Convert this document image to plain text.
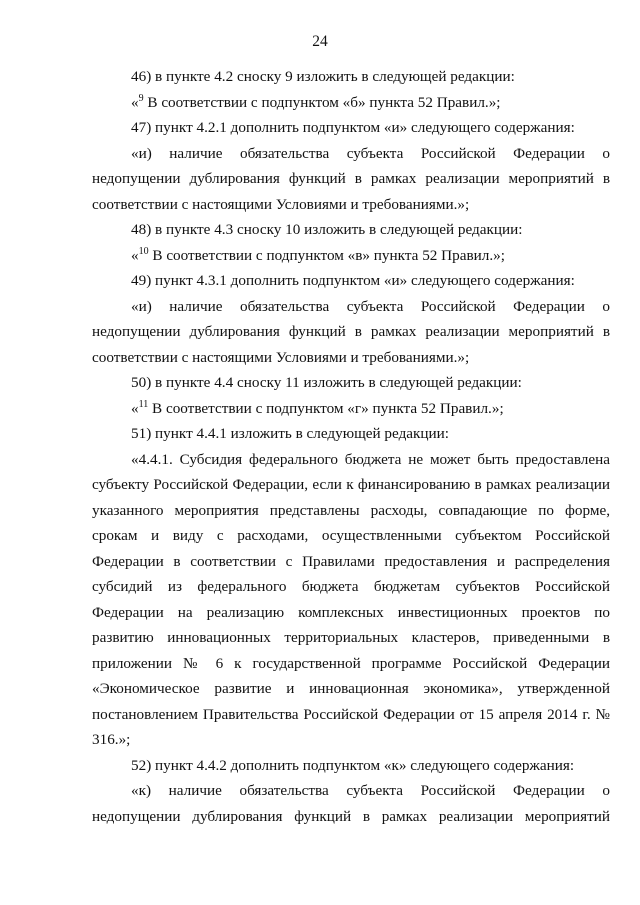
24

46) в пункте 4.2 сноску 9 изложить в следующей редакции:

«$^9$ В соответствии с подпунктом «б» пункта 52 Правил.»;

47) пункт 4.2.1 дополнить подпунктом «и» следующего содержания:

«и) наличие обязательства субъекта Российской Федерации о недопущении дублирования функций в рамках реализации мероприятий в соответствии с настоящими Условиями и требованиями.»;

48) в пункте 4.3 сноску 10 изложить в следующей редакции:

«$^{10}$ В соответствии с подпунктом «в» пункта 52 Правил.»;

49) пункт 4.3.1 дополнить подпунктом «и» следующего содержания:

«и) наличие обязательства субъекта Российской Федерации о недопущении дублирования функций в рамках реализации мероприятий в соответствии с настоящими Условиями и требованиями.»;

50) в пункте 4.4 сноску 11 изложить в следующей редакции:

«$^{11}$ В соответствии с подпунктом «г» пункта 52 Правил.»;

51) пункт 4.4.1 изложить в следующей редакции:

«4.4.1. Субсидия федерального бюджета не может быть предоставлена субъекту Российской Федерации, если к финансированию в рамках реализации указанного мероприятия представлены расходы, совпадающие по форме, срокам и виду с расходами, осуществленными субъектом Российской Федерации в соответствии с Правилами предоставления и распределения субсидий из федерального бюджета бюджетам субъектов Российской Федерации на реализацию комплексных инвестиционных проектов по развитию инновационных территориальных кластеров, приведенными в приложении № 6 к государственной программе Российской Федерации «Экономическое развитие и инновационная экономика», утвержденной постановлением Правительства Российской Федерации от 15 апреля 2014 г. № 316.»;

52) пункт 4.4.2 дополнить подпунктом «к» следующего содержания:

«к) наличие обязательства субъекта Российской Федерации о недопущении дублирования функций в рамках реализации мероприятий
